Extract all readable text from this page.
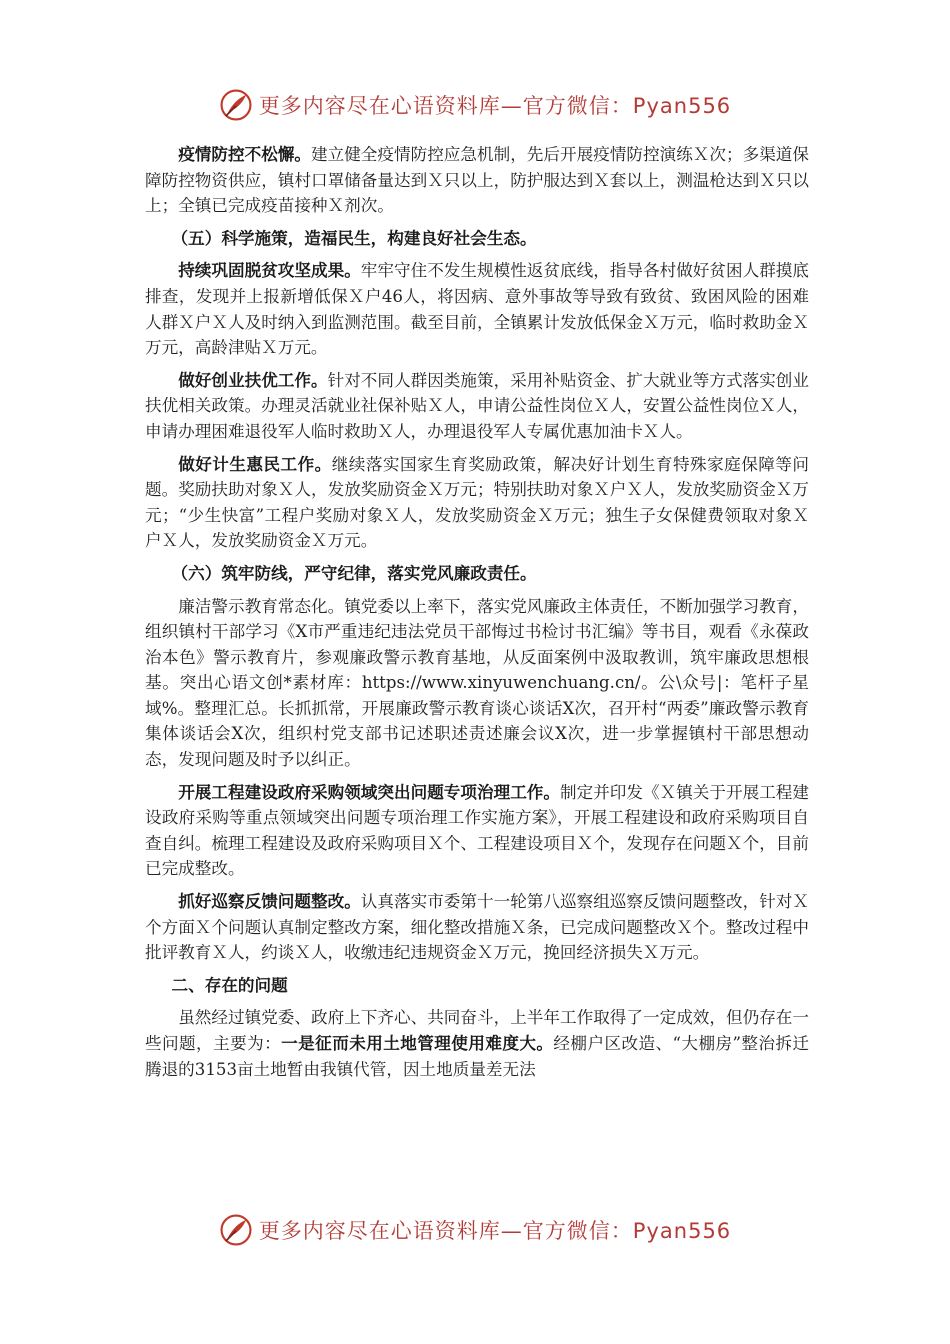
更多内容尽在心语资料库—官方微信：Pyan556

疫情防控不松懈。建立健全疫情防控应急机制，先后开展疫情防控演练Ｘ次；多渠道保障防控物资供应，镇村口罩储备量达到Ｘ只以上，防护服达到Ｘ套以上，测温枪达到Ｘ只以上；全镇已完成疫苗接种Ｘ剂次。

（五）科学施策，造福民生，构建良好社会生态。

持续巩固脱贫攻坚成果。牢牢守住不发生规模性返贫底线，指导各村做好贫困人群摸底排查，发现并上报新增低保Ｘ户46人，将因病、意外事故等导致有致贫、致困风险的困难人群Ｘ户Ｘ人及时纳入到监测范围。截至目前，全镇累计发放低保金Ｘ万元，临时救助金Ｘ万元，高龄津贴Ｘ万元。

做好创业扶优工作。针对不同人群因类施策，采用补贴资金、扩大就业等方式落实创业扶优相关政策。办理灵活就业社保补贴Ｘ人，申请公益性岗位Ｘ人，安置公益性岗位Ｘ人，申请办理困难退役军人临时救助Ｘ人，办理退役军人专属优惠加油卡Ｘ人。

做好计生惠民工作。继续落实国家生育奖励政策，解决好计划生育特殊家庭保障等问题。奖励扶助对象Ｘ人，发放奖励资金Ｘ万元；特别扶助对象Ｘ户Ｘ人，发放奖励资金Ｘ万元；“少生快富”工程户奖励对象Ｘ人，发放奖励资金Ｘ万元；独生子女保健费领取对象Ｘ户Ｘ人，发放奖励资金Ｘ万元。

（六）筑牢防线，严守纪律，落实党风廉政责任。

廉洁警示教育常态化。镇党委以上率下，落实党风廉政主体责任，不断加强学习教育，组织镇村干部学习《X市严重违纪违法党员干部悔过书检讨书汇编》等书目，观看《永葆政治本色》警示教育片，参观廉政警示教育基地，从反面案例中汲取教训，筑牢廉政思想根基。突出心语文创*素材库：https://www.xinyuwenchuang.cn/。公\众号|：笔杆子星域%。整理汇总。长抓抓常，开展廉政警示教育谈心谈话X次，召开村“两委”廉政警示教育集体谈话会X次，组织村党支部书记述职述责述廉会议X次，进一步掌握镇村干部思想动态，发现问题及时予以纠正。

开展工程建设政府采购领域突出问题专项治理工作。制定并印发《Ｘ镇关于开展工程建设政府采购等重点领域突出问题专项治理工作实施方案》，开展工程建设和政府采购项目自查自纠。梳理工程建设及政府采购项目Ｘ个、工程建设项目Ｘ个，发现存在问题Ｘ个，目前已完成整改。

抓好巡察反馈问题整改。认真落实市委第十一轮第八巡察组巡察反馈问题整改，针对Ｘ个方面Ｘ个问题认真制定整改方案，细化整改措施Ｘ条，已完成问题整改Ｘ个。整改过程中批评教育Ｘ人，约谈Ｘ人，收缴违纪违规资金Ｘ万元，挽回经济损失Ｘ万元。

二、存在的问题

虽然经过镇党委、政府上下齐心、共同奋斗，上半年工作取得了一定成效，但仍存在一些问题，主要为：一是征而未用土地管理使用难度大。经棚户区改造、“大棚房”整治拆迁腾退的3153亩土地暂由我镇代管，因土地质量差无法

更多内容尽在心语资料库—官方微信：Pyan556
